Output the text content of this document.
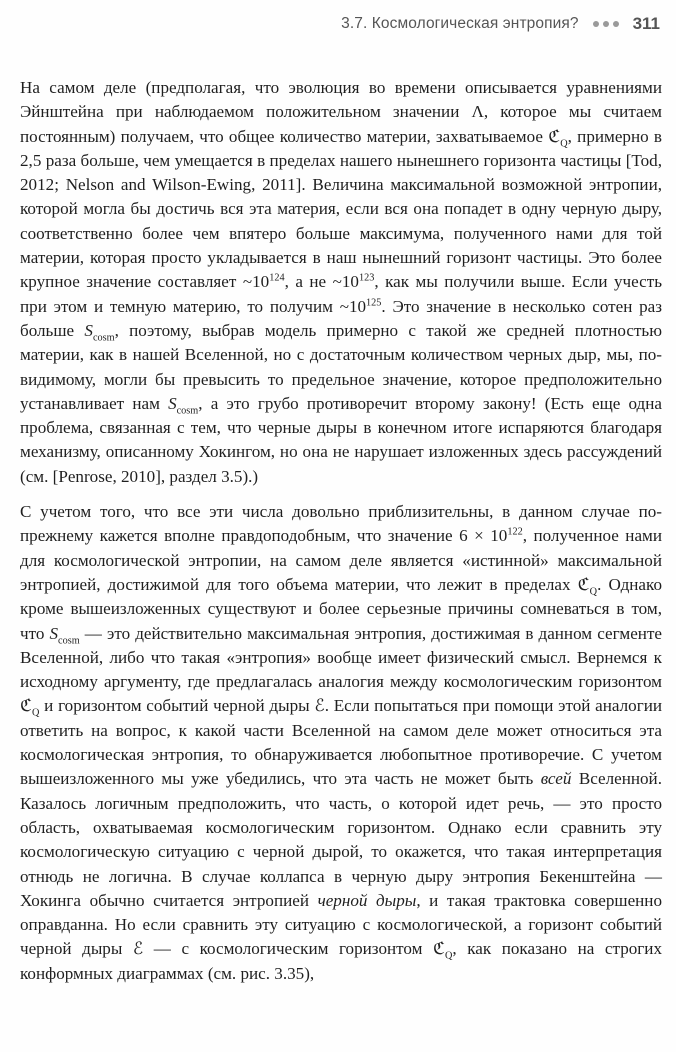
3.7. Космологическая энтропия?	311

На самом деле (предполагая, что эволюция во времени описывается уравнениями Эйнштейна при наблюдаемом положительном значении Λ, которое мы считаем постоянным) получаем, что общее количество материи, захватываемое ℭ$_Q$, примерно в 2,5 раза больше, чем умещается в пределах нашего нынешнего горизонта частицы [Tod, 2012; Nelson and Wilson-Ewing, 2011]. Величина максимальной возможной энтропии, которой могла бы достичь вся эта материя, если вся она попадет в одну черную дыру, соответственно более чем впятеро больше максимума, полученного нами для той материи, которая просто укладывается в наш нынешний горизонт частицы. Это более крупное значение составляет $\sim 10^{124}$, а не $\sim 10^{123}$, как мы получили выше. Если учесть при этом и темную материю, то получим $\sim 10^{125}$. Это значение в несколько сотен раз больше $S_{cosm}$, поэтому, выбрав модель примерно с такой же средней плотностью материи, как в нашей Вселенной, но с достаточным количеством черных дыр, мы, по-видимому, могли бы превысить то предельное значение, которое предположительно устанавливает нам $S_{cosm}$, а это грубо противоречит второму закону! (Есть еще одна проблема, связанная с тем, что черные дыры в конечном итоге испаряются благодаря механизму, описанному Хокингом, но она не нарушает изложенных здесь рассуждений (см. [Penrose, 2010], раздел 3.5).)

С учетом того, что все эти числа довольно приблизительны, в данном случае по-прежнему кажется вполне правдоподобным, что значение $6 \times 10^{122}$, полученное нами для космологической энтропии, на самом деле является «истинной» максимальной энтропией, достижимой для того объема материи, что лежит в пределах ℭ$_Q$. Однако кроме вышеизложенных существуют и более серьезные причины сомневаться в том, что $S_{cosm}$ — это действительно максимальная энтропия, достижимая в данном сегменте Вселенной, либо что такая «энтропия» вообще имеет физический смысл. Вернемся к исходному аргументу, где предлагалась аналогия между космологическим горизонтом ℭ$_Q$ и горизонтом событий черной дыры ℰ. Если попытаться при помощи этой аналогии ответить на вопрос, к какой части Вселенной на самом деле может относиться эта космологическая энтропия, то обнаруживается любопытное противоречие. С учетом вышеизложенного мы уже убедились, что эта часть не может быть всей Вселенной. Казалось логичным предположить, что часть, о которой идет речь, — это просто область, охватываемая космологическим горизонтом. Однако если сравнить эту космологическую ситуацию с черной дырой, то окажется, что такая интерпретация отнюдь не логична. В случае коллапса в черную дыру энтропия Бекенштейна — Хокинга обычно считается энтропией черной дыры, и такая трактовка совершенно оправданна. Но если сравнить эту ситуацию с космологической, а горизонт событий черной дыры ℰ — с космологическим горизонтом ℭ$_Q$, как показано на строгих конформных диаграммах (см. рис. 3.35),
